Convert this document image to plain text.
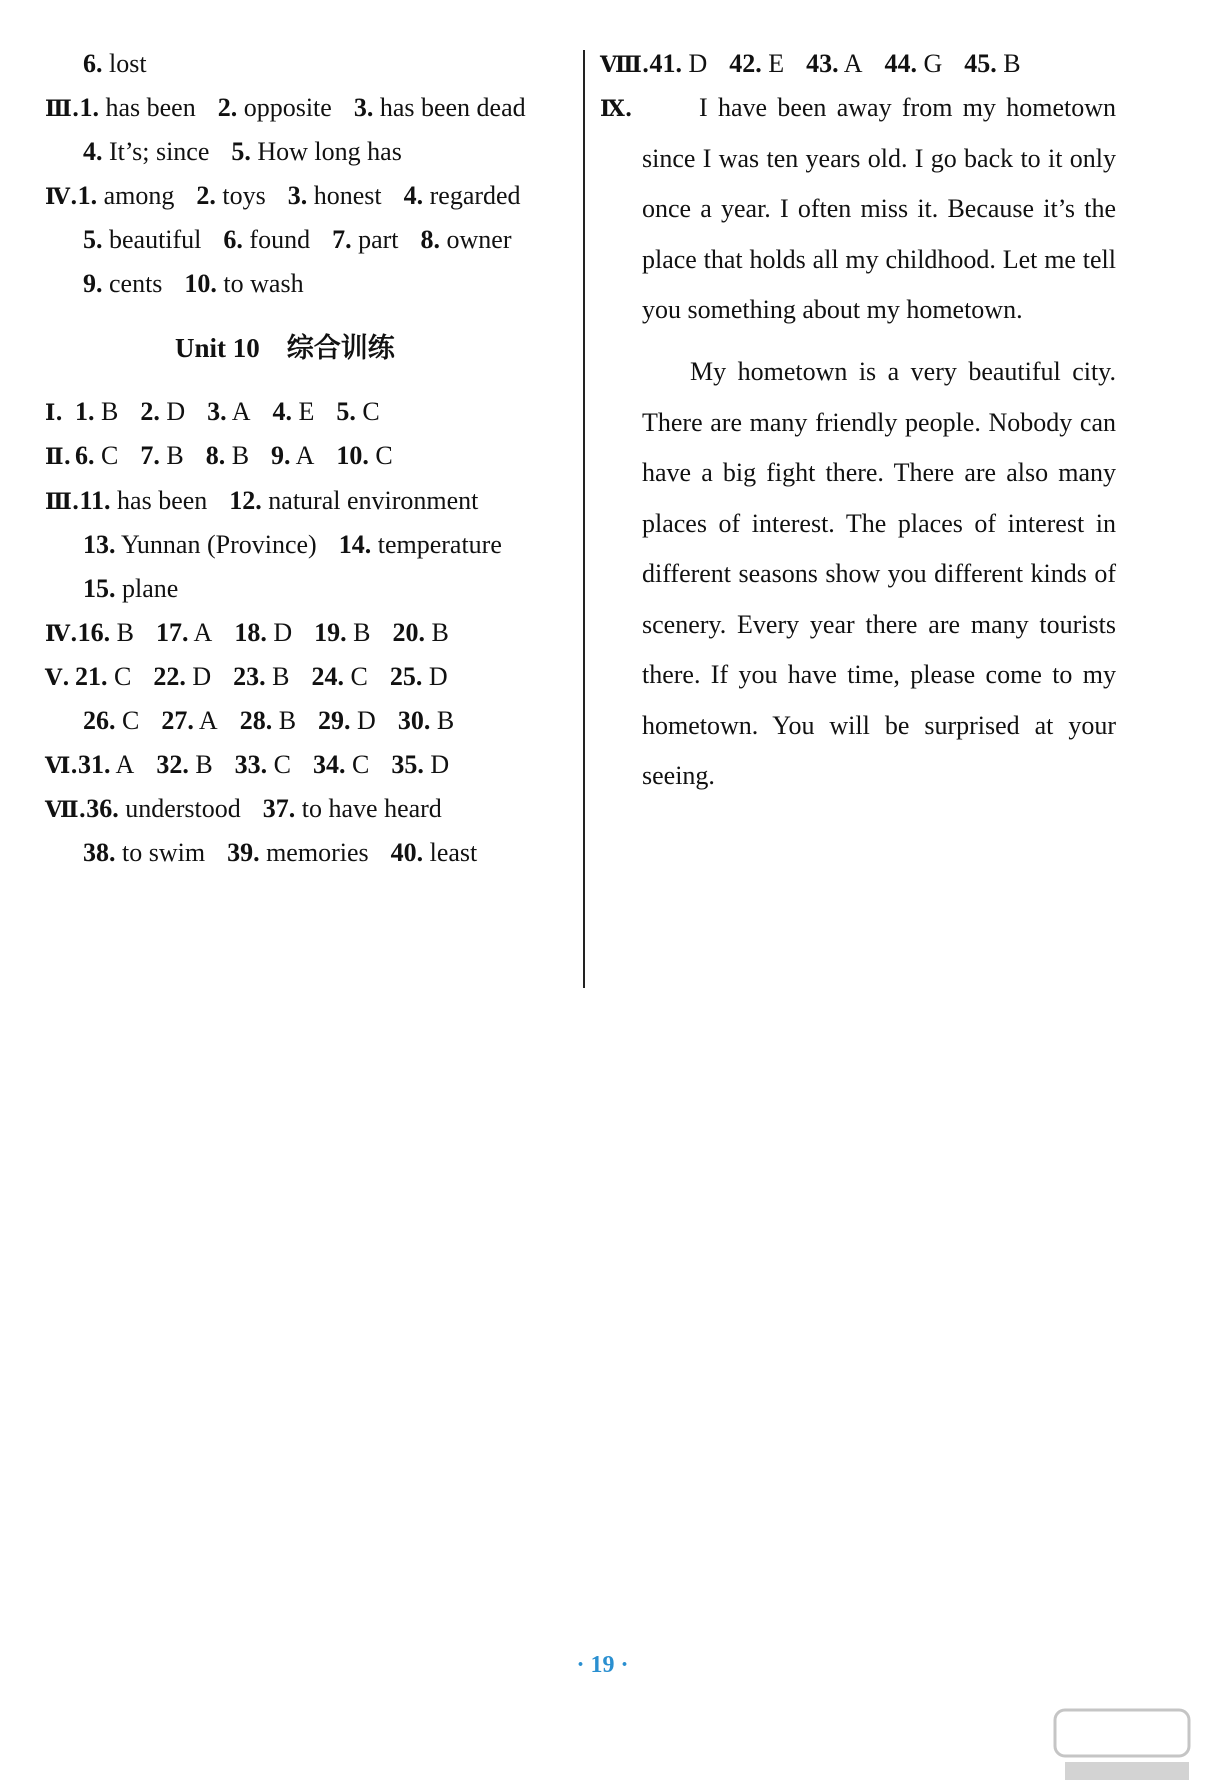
6. lost
Ⅲ.1. has been 2. opposite 3. has been dead
4. It’s; since 5. How long has
Ⅳ.1. among 2. toys 3. honest 4. regarded
5. beautiful 6. found 7. part 8. owner
9. cents 10. to wash
Unit 10　综合训练
Ⅰ. 1. B 2. D 3. A 4. E 5. C
Ⅱ. 6. C 7. B 8. B 9. A 10. C
Ⅲ.11. has been 12. natural environment
13. Yunnan (Province) 14. temperature
15. plane
Ⅳ.16. B 17. A 18. D 19. B 20. B
Ⅴ. 21. C 22. D 23. B 24. C 25. D
26. C 27. A 28. B 29. D 30. B
Ⅵ.31. A 32. B 33. C 34. C 35. D
Ⅶ.36. understood 37. to have heard
38. to swim 39. memories 40. least
Ⅷ.41. D 42. E 43. A 44. G 45. B
Ⅸ.	I have been away from my hometown since I was ten years old. I go back to it only once a year. I often miss it. Because it’s the place that holds all my childhood. Let me tell you something about my hometown.
My hometown is a very beautiful city. There are many friendly people. Nobody can have a big fight there. There are also many places of interest. The places of interest in different seasons show you different kinds of scenery. Every year there are many tourists there. If you have time, please come to my hometown. You will be surprised at your seeing.
· 19 ·
